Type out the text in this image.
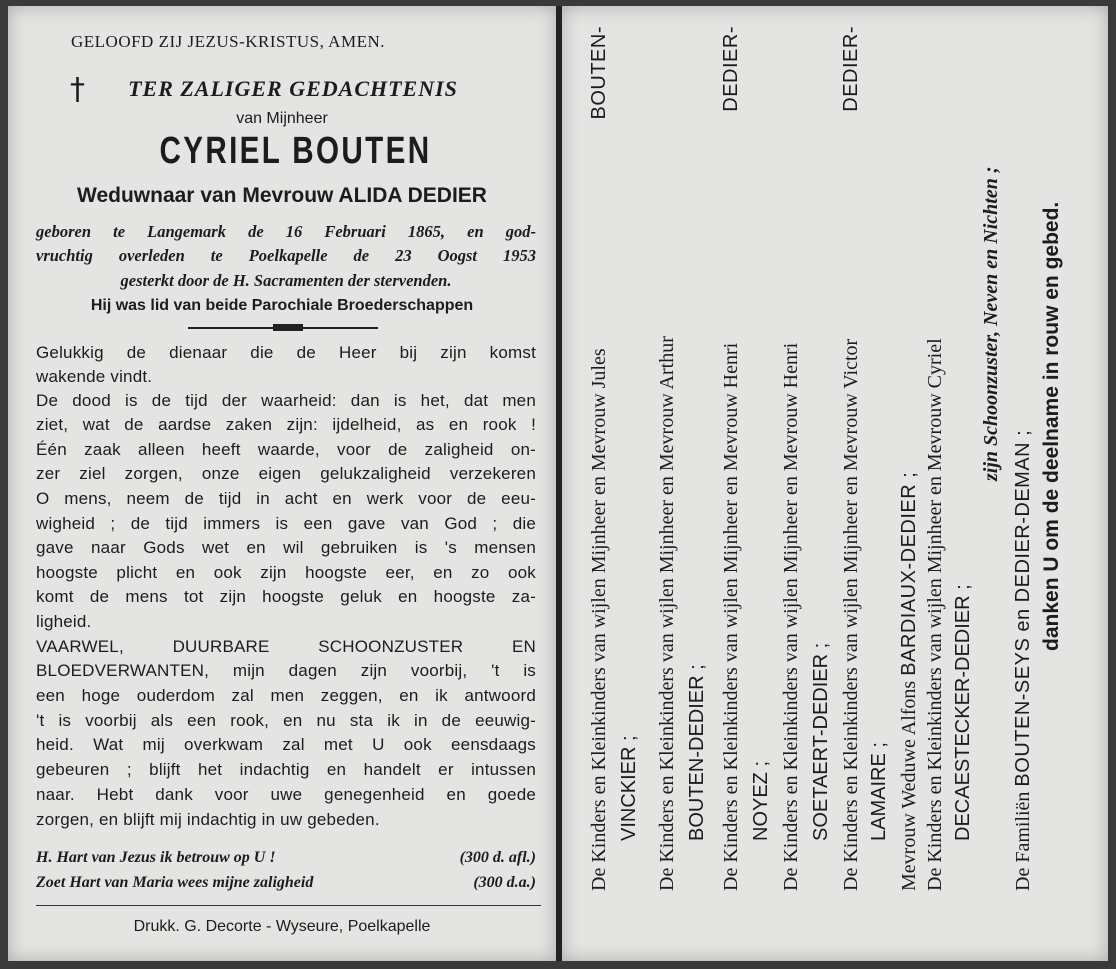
GELOOFD ZIJ JEZUS-KRISTUS, AMEN.
†	TER ZALIGER GEDACHTENIS
van Mijnheer
CYRIEL BOUTEN
Weduwnaar van Mevrouw ALIDA DEDIER
geboren te Langemark de 16 Februari 1865, en god-
vruchtig overleden te Poelkapelle de 23 Oogst 1953
gesterkt door de H. Sacramenten der stervenden.
Hij was lid van beide Parochiale Broederschappen
Gelukkig de dienaar die de Heer bij zijn komst
wakende vindt.
De dood is de tijd der waarheid: dan is het, dat men
ziet, wat de aardse zaken zijn: ijdelheid, as en rook !
Één zaak alleen heeft waarde, voor de zaligheid on-
zer ziel zorgen, onze eigen gelukzaligheid verzekeren
O mens, neem de tijd in acht en werk voor de eeu-
wigheid ; de tijd immers is een gave van God ; die
gave naar Gods wet en wil gebruiken is 's mensen
hoogste plicht en ook zijn hoogste eer, en zo ook
komt de mens tot zijn hoogste geluk en hoogste za-
ligheid.
VAARWEL, DUURBARE SCHOONZUSTER EN
BLOEDVERWANTEN, mijn dagen zijn voorbij, 't is
een hoge ouderdom zal men zeggen, en ik antwoord
't is voorbij als een rook, en nu sta ik in de eeuwig-
heid. Wat mij overkwam zal met U ook eensdaags
gebeuren ; blijft het indachtig en handelt er intussen
naar. Hebt dank voor uwe genegenheid en goede
zorgen, en blijft mij indachtig in uw gebeden.
H. Hart van Jezus ik betrouw op U !	(300 d. afl.)
Zoet Hart van Maria wees mijne zaligheid	(300 d.a.)
Drukk. G. Decorte - Wyseure, Poelkapelle
De Kinders en Kleinkinders van wijlen Mijnheer en Mevrouw Jules
BOUTEN-
VINCKIER ; De Kinders en Kleinkinders van wijlen Mijnheer en Mevrouw Arthur BOUTEN-DEDIER ; De Kinders en Kleinkinders van wijlen Mijnheer en Mevrouw Henri
DEDIER-
NOYEZ ; De Kinders en Kleinkinders van wijlen Mijnheer en Mevrouw Henri SOETAERT-DEDIER ; De Kinders en Kleinkinders van wijlen Mijnheer en Mevrouw Victor
DEDIER-
LAMAIRE ; Mevrouw Weduwe Alfons BARDIAUX-DEDIER ; De Kinders en Kleinkinders van wijlen Mijnheer en Mevrouw Cyriel DECAESTECKER-DEDIER ;
zijn Schoonzuster, Neven en Nichten ;
De Familiën BOUTEN-SEYS en DEDIER-DEMAN ; danken U om de deelname in rouw en gebed.
